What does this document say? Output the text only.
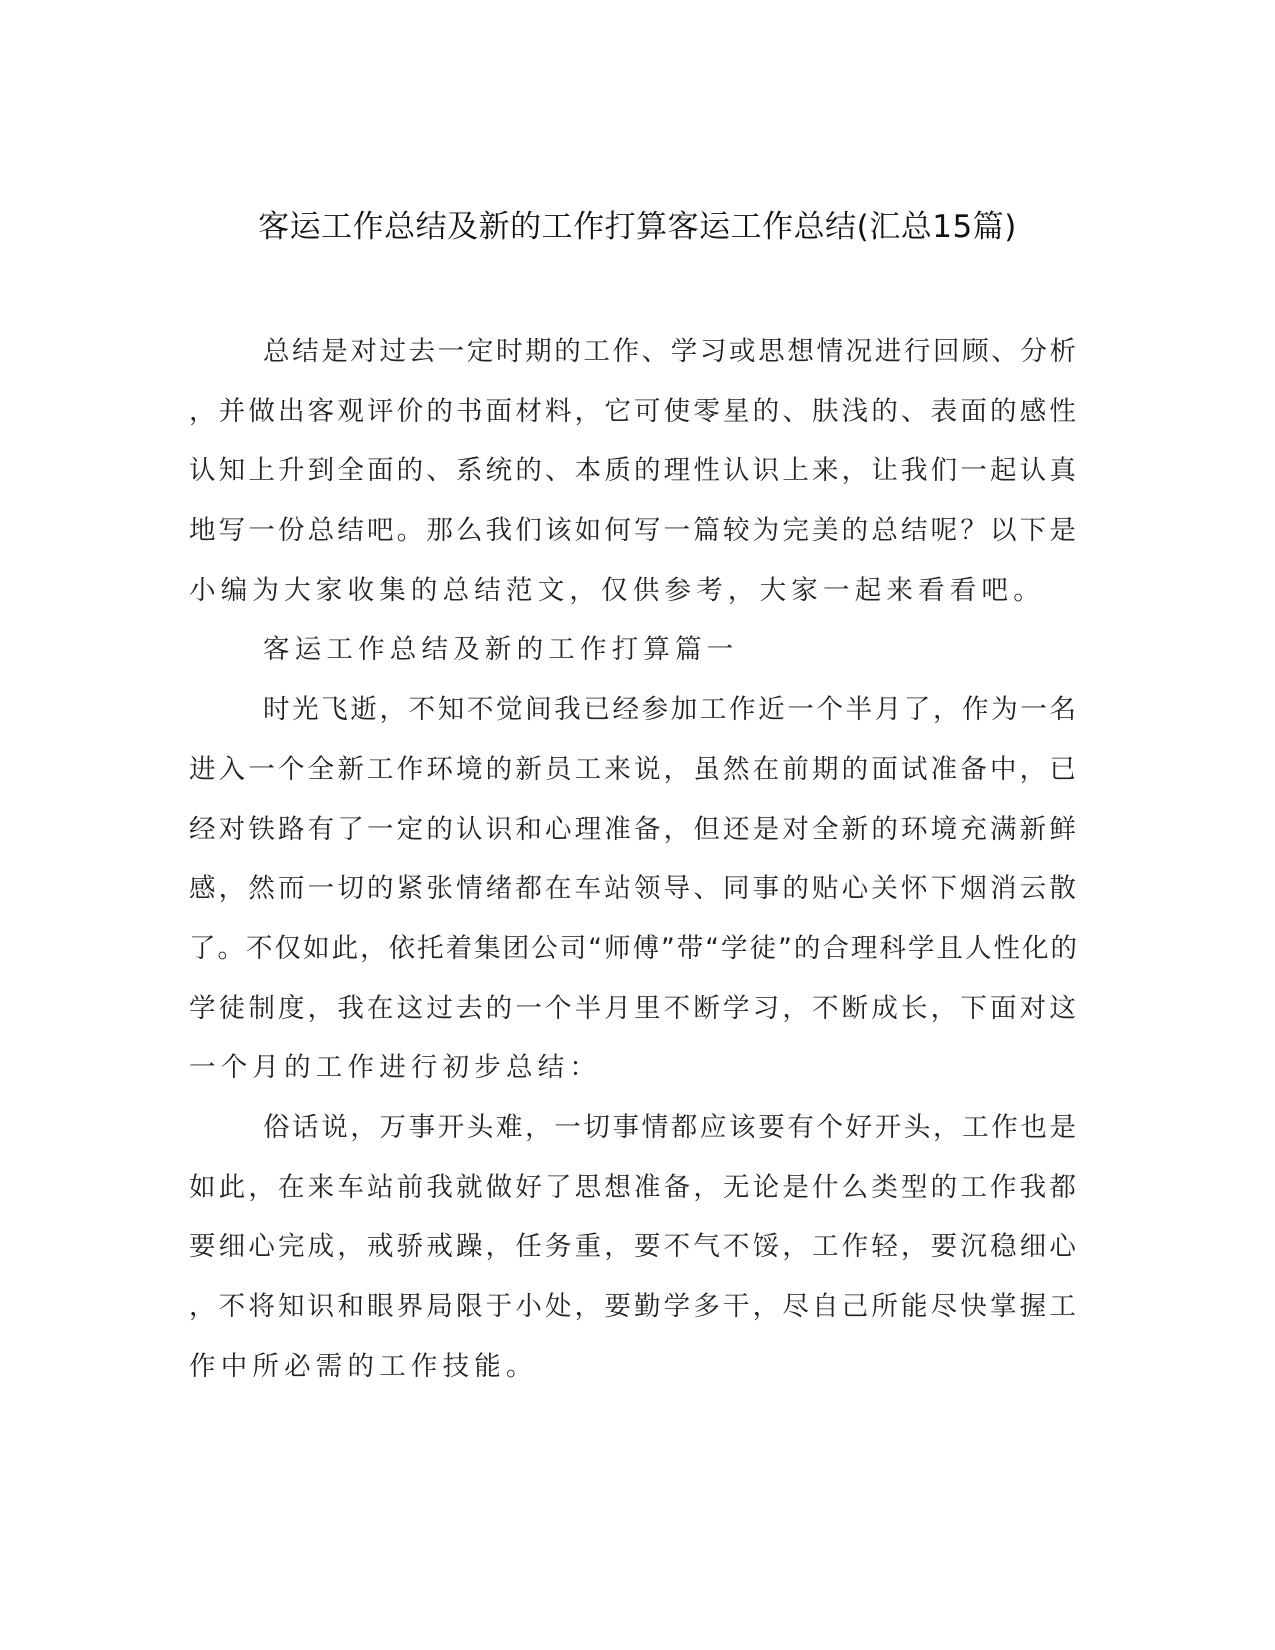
客运工作总结及新的工作打算客运工作总结(汇总15篇)
总结是对过去一定时期的工作、学习或思想情况进行回顾、分析
，并做出客观评价的书面材料，它可使零星的、肤浅的、表面的感性
认知上升到全面的、系统的、本质的理性认识上来，让我们一起认真
地写一份总结吧。那么我们该如何写一篇较为完美的总结呢？以下是
小编为大家收集的总结范文，仅供参考，大家一起来看看吧。
客运工作总结及新的工作打算篇一
时光飞逝，不知不觉间我已经参加工作近一个半月了，作为一名
进入一个全新工作环境的新员工来说，虽然在前期的面试准备中，已
经对铁路有了一定的认识和心理准备，但还是对全新的环境充满新鲜
感，然而一切的紧张情绪都在车站领导、同事的贴心关怀下烟消云散
了。不仅如此，依托着集团公司“师傅”带“学徒”的合理科学且人性化的
学徒制度，我在这过去的一个半月里不断学习，不断成长，下面对这
一个月的工作进行初步总结：
俗话说，万事开头难，一切事情都应该要有个好开头，工作也是
如此，在来车站前我就做好了思想准备，无论是什么类型的工作我都
要细心完成，戒骄戒躁，任务重，要不气不馁，工作轻，要沉稳细心
，不将知识和眼界局限于小处，要勤学多干，尽自己所能尽快掌握工
作中所必需的工作技能。
